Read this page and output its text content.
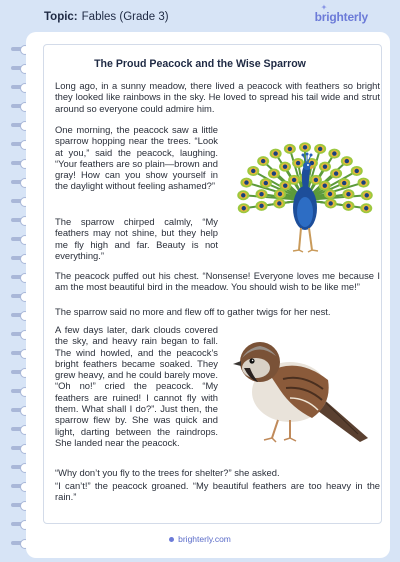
Topic: Fables (Grade 3)
✦
brighterly
The Proud Peacock and the Wise Sparrow

Long ago, in a sunny meadow, there lived a peacock with feathers so bright they looked like rainbows in the sky. He loved to spread his tail wide and strut around so everyone could admire him.

One morning, the peacock saw a little sparrow hopping near the trees. “Look at you,” said the peacock, laughing. “Your feathers are so plain—brown and gray! How can you show yourself in the daylight without feeling ashamed?”

The sparrow chirped calmly, “My feathers may not shine, but they help me fly high and far. Beauty is not everything.”

The peacock puffed out his chest. “Nonsense! Everyone loves me because I am the most beautiful bird in the meadow. You should wish to be like me!”

The sparrow said no more and flew off to gather twigs for her nest.

A few days later, dark clouds covered the sky, and heavy rain began to fall. The wind howled, and the peacock’s bright feathers became soaked. They grew heavy, and he could barely move. “Oh no!” cried the peacock. “My feathers are ruined! I cannot fly with them. What shall I do?”. Just then, the sparrow flew by. She was quick and light, darting between the raindrops. She landed near the peacock.

“Why don’t you fly to the trees for shelter?” she asked.

“I can’t!” the peacock groaned. “My beautiful feathers are too heavy in the rain.”

brighterly.com
